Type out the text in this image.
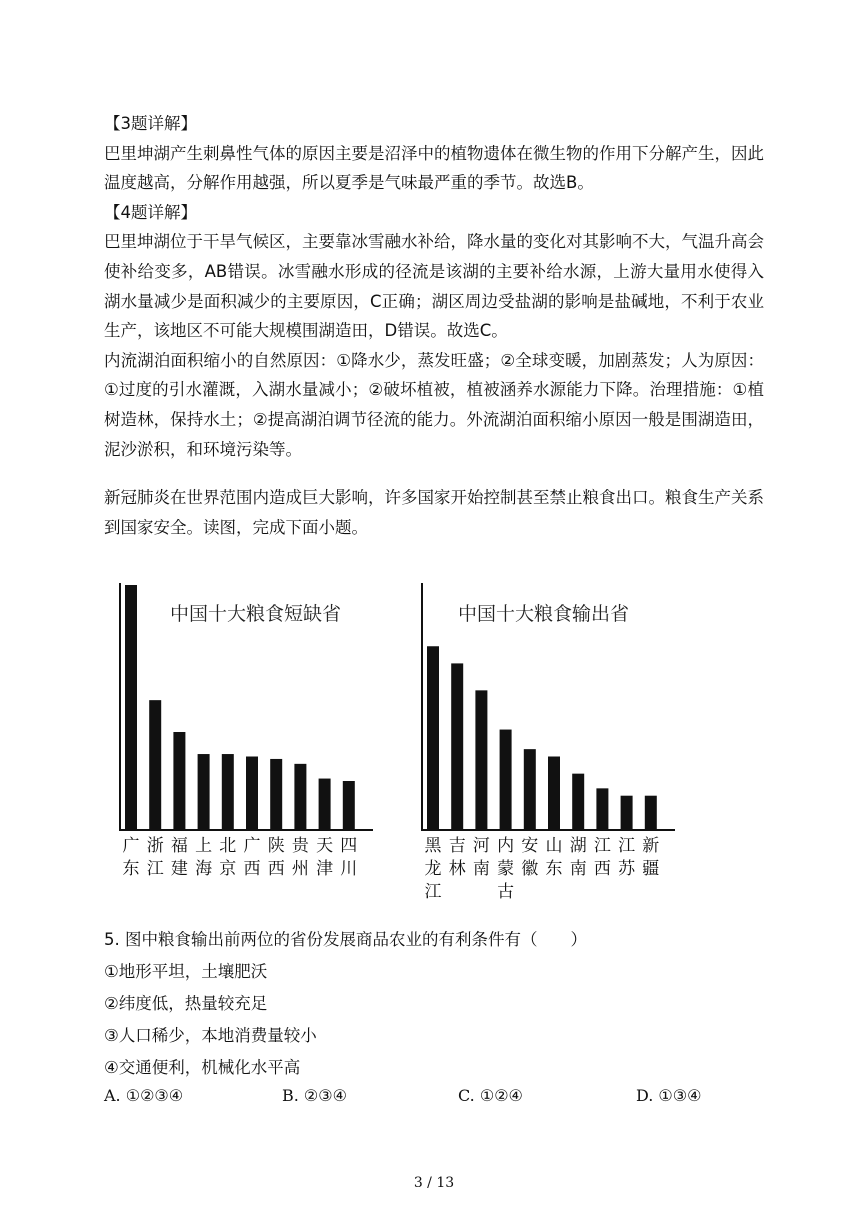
【3题详解】

巴里坤湖产生刺鼻性气体的原因主要是沼泽中的植物遗体在微生物的作用下分解产生，因此温度越高，分解作用越强，所以夏季是气味最严重的季节。故选B。

【4题详解】

巴里坤湖位于干旱气候区，主要靠冰雪融水补给，降水量的变化对其影响不大，气温升高会使补给变多，AB错误。冰雪融水形成的径流是该湖的主要补给水源，上游大量用水使得入湖水量减少是面积减少的主要原因，C正确；湖区周边受盐湖的影响是盐碱地，不利于农业生产，该地区不可能大规模围湖造田，D错误。故选C。

内流湖泊面积缩小的自然原因：①降水少，蒸发旺盛；②全球变暖，加剧蒸发；人为原因：①过度的引水灌溉，入湖水量减小；②破坏植被，植被涵养水源能力下降。治理措施：①植树造林，保持水土；②提高湖泊调节径流的能力。外流湖泊面积缩小原因一般是围湖造田，泥沙淤积，和环境污染等。

新冠肺炎在世界范围内造成巨大影响，许多国家开始控制甚至禁止粮食出口。粮食生产关系到国家安全。读图，完成下面小题。

中国十大粮食短缺省
广东
浙江
福建
上海
北京
广西
陕西
贵州
天津
四川
中国十大粮食输出省
黑龙江
吉林
河南
内蒙古
安徽
山东
湖南
江西
江苏
新疆
5. 图中粮食输出前两位的省份发展商品农业的有利条件有（　　）
①地形平坦，土壤肥沃
②纬度低，热量较充足
③人口稀少，本地消费量较小
④交通便利，机械化水平高
A. ①②③④	B. ②③④	C. ①②④	D. ①③④
3 / 13
